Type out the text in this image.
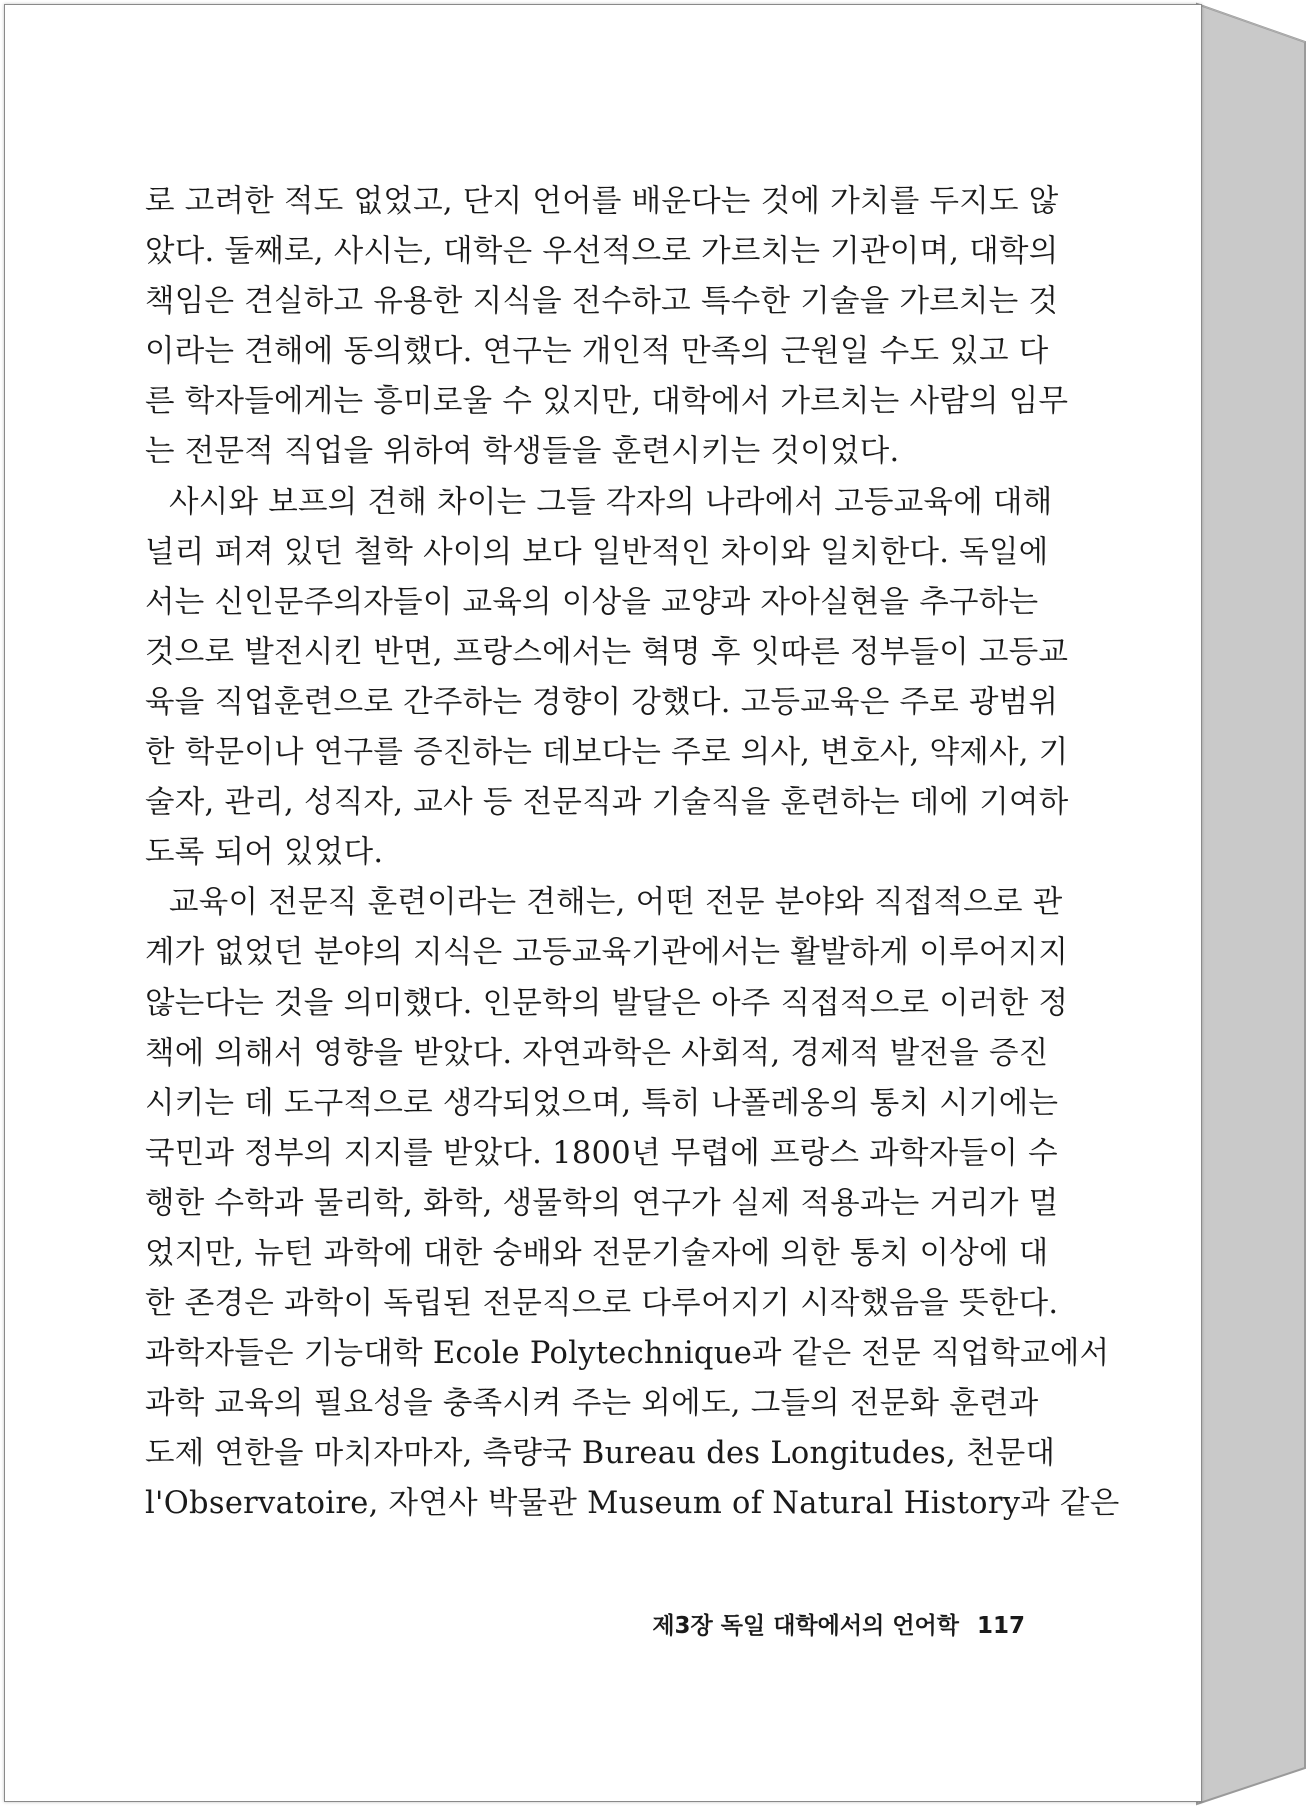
로 고려한 적도 없었고, 단지 언어를 배운다는 것에 가치를 두지도 않
았다. 둘째로, 사시는, 대학은 우선적으로 가르치는 기관이며, 대학의
책임은 견실하고 유용한 지식을 전수하고 특수한 기술을 가르치는 것
이라는 견해에 동의했다. 연구는 개인적 만족의 근원일 수도 있고 다
른 학자들에게는 흥미로울 수 있지만, 대학에서 가르치는 사람의 임무
는 전문적 직업을 위하여 학생들을 훈련시키는 것이었다.
사시와 보프의 견해 차이는 그들 각자의 나라에서 고등교육에 대해
널리 퍼져 있던 철학 사이의 보다 일반적인 차이와 일치한다. 독일에
서는 신인문주의자들이 교육의 이상을 교양과 자아실현을 추구하는
것으로 발전시킨 반면, 프랑스에서는 혁명 후 잇따른 정부들이 고등교
육을 직업훈련으로 간주하는 경향이 강했다. 고등교육은 주로 광범위
한 학문이나 연구를 증진하는 데보다는 주로 의사, 변호사, 약제사, 기
술자, 관리, 성직자, 교사 등 전문직과 기술직을 훈련하는 데에 기여하
도록 되어 있었다.
교육이 전문직 훈련이라는 견해는, 어떤 전문 분야와 직접적으로 관
계가 없었던 분야의 지식은 고등교육기관에서는 활발하게 이루어지지
않는다는 것을 의미했다. 인문학의 발달은 아주 직접적으로 이러한 정
책에 의해서 영향을 받았다. 자연과학은 사회적, 경제적 발전을 증진
시키는 데 도구적으로 생각되었으며, 특히 나폴레옹의 통치 시기에는
국민과 정부의 지지를 받았다. 1800년 무렵에 프랑스 과학자들이 수
행한 수학과 물리학, 화학, 생물학의 연구가 실제 적용과는 거리가 멀
었지만, 뉴턴 과학에 대한 숭배와 전문기술자에 의한 통치 이상에 대
한 존경은 과학이 독립된 전문직으로 다루어지기 시작했음을 뜻한다.
과학자들은 기능대학 Ecole Polytechnique과 같은 전문 직업학교에서
과학 교육의 필요성을 충족시켜 주는 외에도, 그들의 전문화 훈련과
도제 연한을 마치자마자, 측량국 Bureau des Longitudes, 천문대
l'Observatoire, 자연사 박물관 Museum of Natural History과 같은
제3장 독일 대학에서의 언어학 117
